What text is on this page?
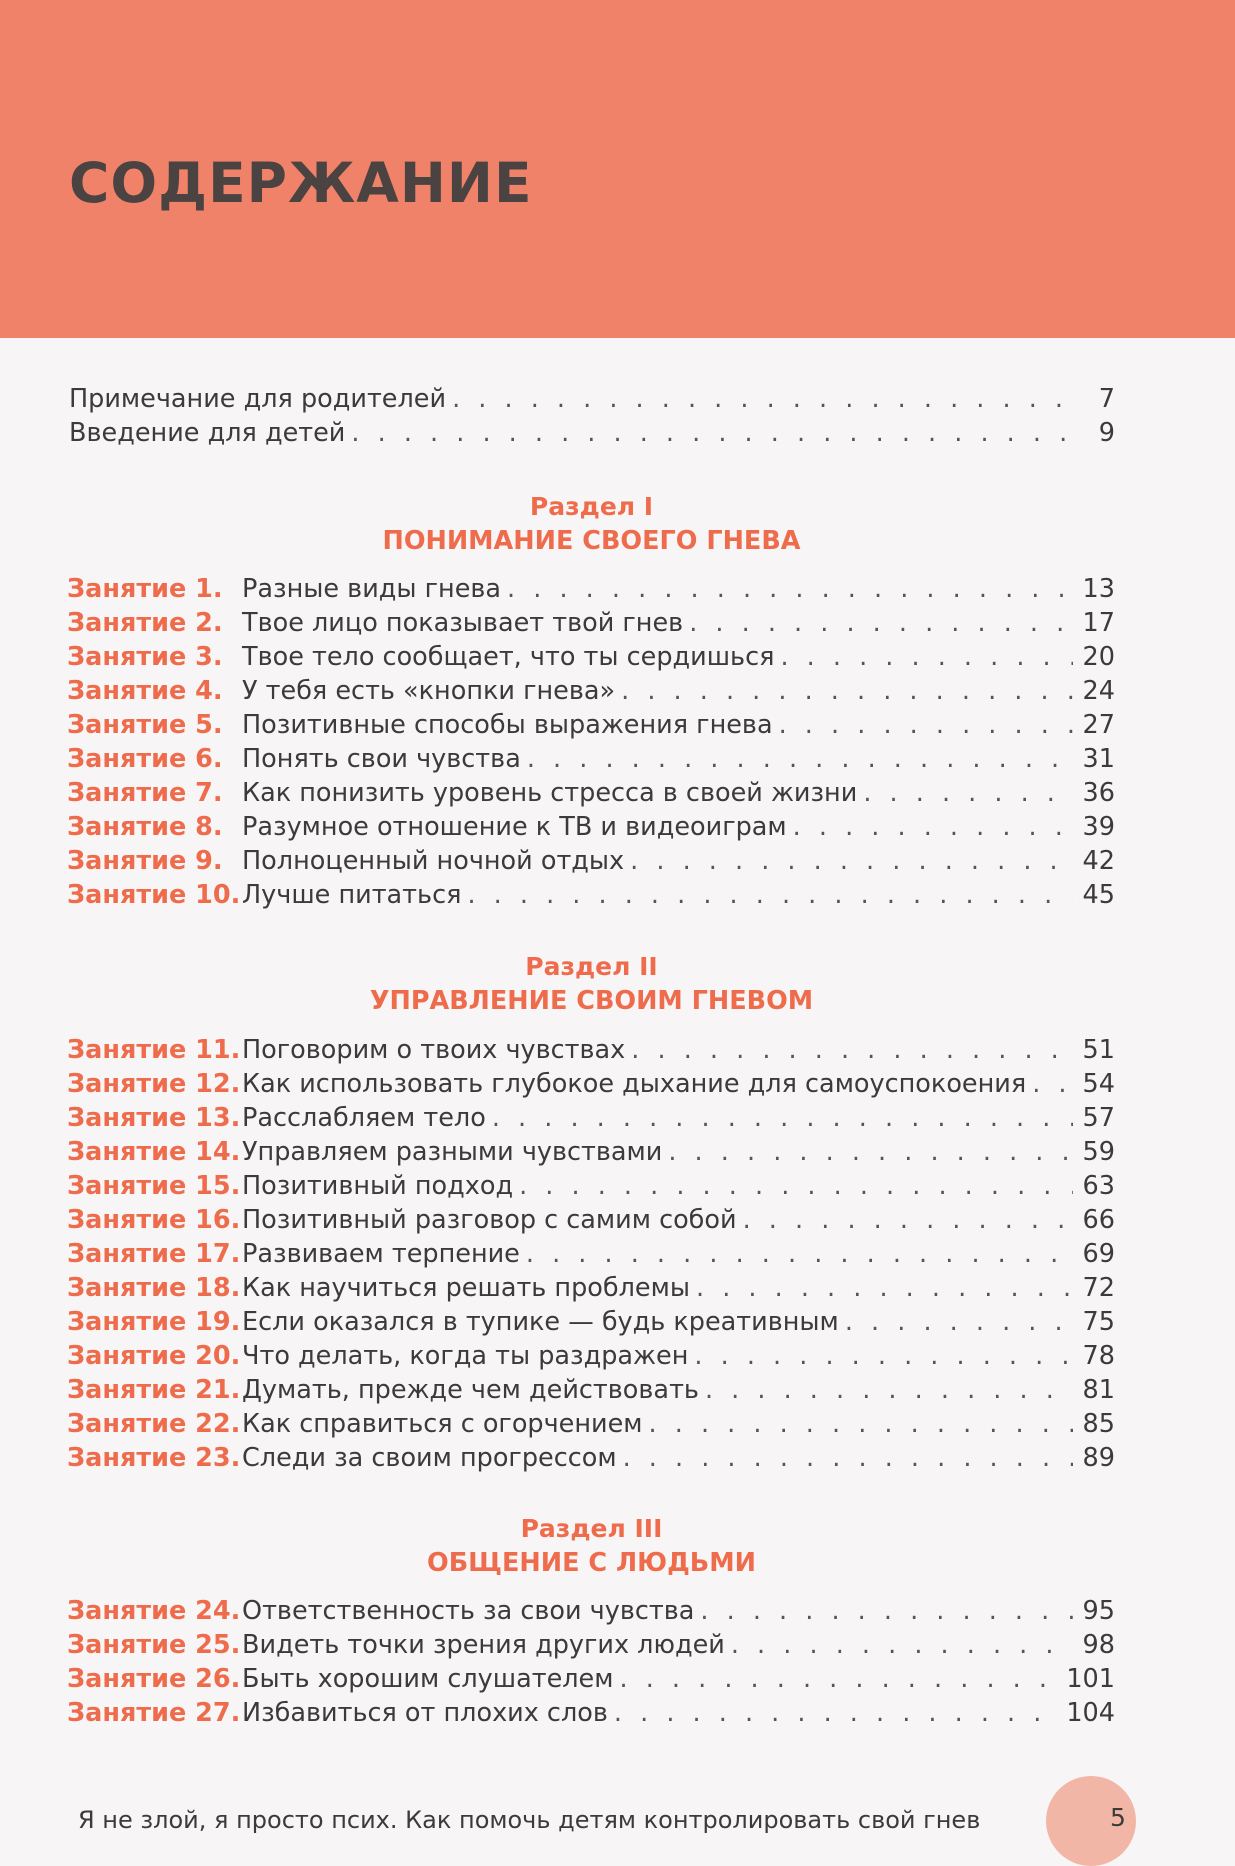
СОДЕРЖАНИЕ
Примечание для родителей . . .	7
Введение для детей . . .	9
Раздел I
ПОНИМАНИЕ СВОЕГО ГНЕВА
Занятие 1. Разные виды гнева . . .	13
Занятие 2. Твое лицо показывает твой гнев . . .	17
Занятие 3. Твое тело сообщает, что ты сердишься . . .	20
Занятие 4. У тебя есть «кнопки гнева» . . .	24
Занятие 5. Позитивные способы выражения гнева . . .	27
Занятие 6. Понять свои чувства . . .	31
Занятие 7. Как понизить уровень стресса в своей жизни . . .	36
Занятие 8. Разумное отношение к ТВ и видеоиграм . . .	39
Занятие 9. Полноценный ночной отдых . . .	42
Занятие 10. Лучше питаться . . .	45
Раздел II
УПРАВЛЕНИЕ СВОИМ ГНЕВОМ
Занятие 11. Поговорим о твоих чувствах . . .	51
Занятие 12. Как использовать глубокое дыхание для самоуспокоения . . . 54
Занятие 13. Расслабляем тело . . .	57
Занятие 14. Управляем разными чувствами . . .	59
Занятие 15. Позитивный подход . . .	63
Занятие 16. Позитивный разговор с самим собой . . .	66
Занятие 17. Развиваем терпение . . .	69
Занятие 18. Как научиться решать проблемы . . .	72
Занятие 19. Если оказался в тупике — будь креативным . . .	75
Занятие 20. Что делать, когда ты раздражен . . .	78
Занятие 21. Думать, прежде чем действовать . . .	81
Занятие 22. Как справиться с огорчением . . .	85
Занятие 23. Следи за своим прогрессом . . .	89
Раздел III
ОБЩЕНИЕ С ЛЮДЬМИ
Занятие 24. Ответственность за свои чувства . . .	95
Занятие 25. Видеть точки зрения других людей . . .	98
Занятие 26. Быть хорошим слушателем . . .	101
Занятие 27. Избавиться от плохих слов . . .	104
Я не злой, я просто псих. Как помочь детям контролировать свой гнев	5
